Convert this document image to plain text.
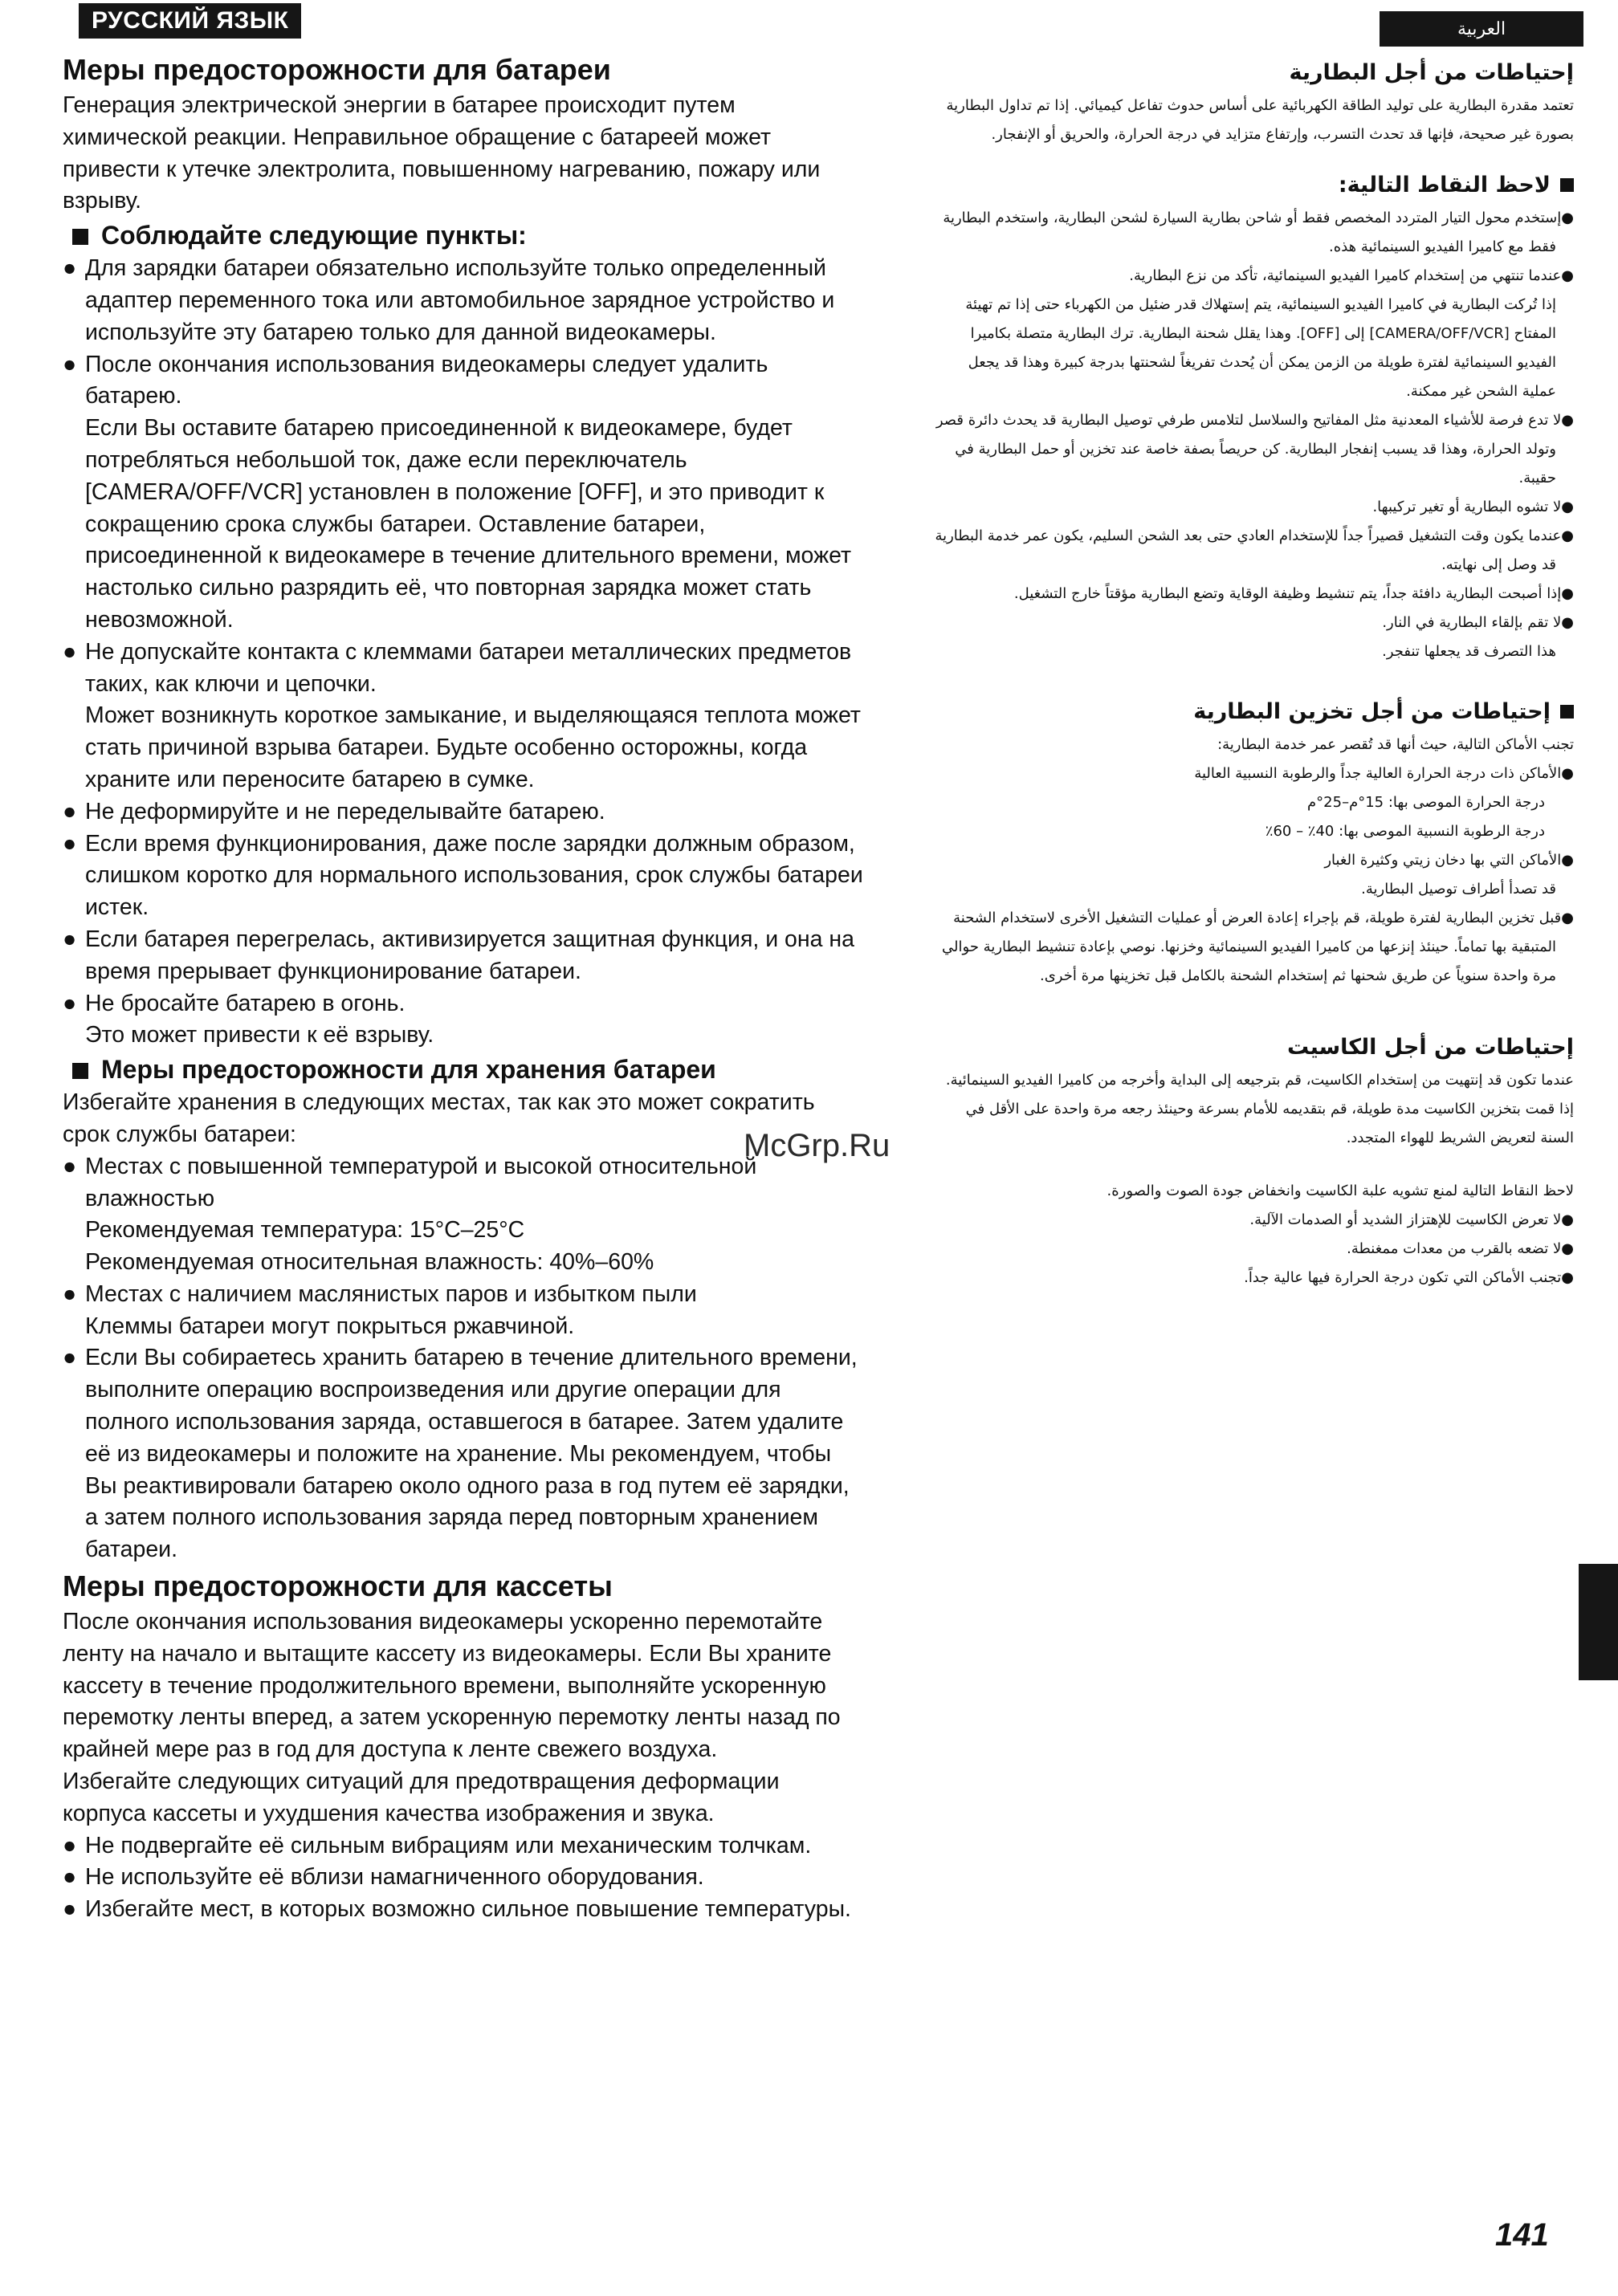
РУССКИЙ ЯЗЫК	العربية
Меры предосторожности для батареи

Генерация электрической энергии в батарее происходит путем химической реакции. Неправильное обращение с батареей может привести к утечке электролита, повышенному нагреванию, пожару или взрыву.

Соблюдайте следующие пункты:

● Для зарядки батареи обязательно используйте только определенный адаптер переменного тока или автомобильное зарядное устройство и используйте эту батарею только для данной видеокамеры.

● После окончания использования видеокамеры следует удалить батарею.

Если Вы оставите батарею присоединенной к видеокамере, будет потребляться небольшой ток, даже если переключатель [CAMERA/OFF/VCR] установлен в положение [OFF], и это приводит к сокращению срока службы батареи. Оставление батареи, присоединенной к видеокамере в течение длительного времени, может настолько сильно разрядить её, что повторная зарядка может стать невозможной.

● Не допускайте контакта с клеммами батареи металлических предметов таких, как ключи и цепочки.

Может возникнуть короткое замыкание, и выделяющаяся теплота может стать причиной взрыва батареи. Будьте особенно осторожны, когда храните или переносите батарею в сумке.

● Не деформируйте и не переделывайте батарею.

● Если время функционирования, даже после зарядки должным образом, слишком коротко для нормального использования, срок службы батареи истек.

● Если батарея перегрелась, активизируется защитная функция, и она на время прерывает функционирование батареи.

● Не бросайте батарею в огонь.

Это может привести к её взрыву.

Меры предосторожности для хранения батареи

Избегайте хранения в следующих местах, так как это может сократить срок службы батареи:

● Местах с повышенной температурой и высокой относительной влажностью

Рекомендуемая температура: 15°C–25°C

Рекомендуемая относительная влажность: 40%–60%

● Местах с наличием маслянистых паров и избытком пыли

Клеммы батареи могут покрыться ржавчиной.

● Если Вы собираетесь хранить батарею в течение длительного времени, выполните операцию воспроизведения или другие операции для полного использования заряда, оставшегося в батарее. Затем удалите её из видеокамеры и положите на хранение. Мы рекомендуем, чтобы Вы реактивировали батарею около одного раза в год путем её зарядки, а затем полного использования заряда перед повторным хранением батареи.

Меры предосторожности для кассеты

После окончания использования видеокамеры ускоренно перемотайте ленту на начало и вытащите кассету из видеокамеры. Если Вы храните кассету в течение продолжительного времени, выполняйте ускоренную перемотку ленты вперед, а затем ускоренную перемотку ленты назад по крайней мере раз в год для доступа к ленте свежего воздуха.

Избегайте следующих ситуаций для предотвращения деформации корпуса кассеты и ухудшения качества изображения и звука.

● Не подвергайте её сильным вибрациям или механическим толчкам.

● Не используйте её вблизи намагниченного оборудования.

● Избегайте мест, в которых возможно сильное повышение температуры.

إحتياطات من أجل البطارية

تعتمد مقدرة البطارية على توليد الطاقة الكهربائية على أساس حدوث تفاعل كيميائي. إذا تم تداول البطارية بصورة غير صحيحة، فإنها قد تحدث التسرب، وإرتفاع متزايد في درجة الحرارة، والحريق أو الإنفجار.

لاحظ النقاط التالية:

●إستخدم محول التيار المتردد المخصص فقط أو شاحن بطارية السيارة لشحن البطارية، واستخدم البطارية فقط مع كاميرا الفيديو السينمائية هذه.

●عندما تنتهي من إستخدام كاميرا الفيديو السينمائية، تأكد من نزع البطارية.

إذا تُركت البطارية في كاميرا الفيديو السينمائية، يتم إستهلاك قدر ضئيل من الكهرباء حتى إذا تم تهيئة المفتاح [CAMERA/OFF/VCR] إلى [OFF]. وهذا يقلل شحنة البطارية. ترك البطارية متصلة بكاميرا الفيديو السينمائية لفترة طويلة من الزمن يمكن أن يُحدث تفريغاً لشحنتها بدرجة كبيرة وهذا قد يجعل عملية الشحن غير ممكنة.

●لا تدع فرصة للأشياء المعدنية مثل المفاتيح والسلاسل لتلامس طرفي توصيل البطارية قد يحدث دائرة قصر وتولد الحرارة، وهذا قد يسبب إنفجار البطارية. كن حريصاً بصفة خاصة عند تخزين أو حمل البطارية في حقيبة.

●لا تشوه البطارية أو تغير تركيبها.

●عندما يكون وقت التشغيل قصيراً جداً للإستخدام العادي حتى بعد الشحن السليم، يكون عمر خدمة البطارية قد وصل إلى نهايته.

●إذا أصبحت البطارية دافئة جداً، يتم تنشيط وظيفة الوقاية وتضع البطارية مؤقتاً خارج التشغيل.

●لا تقم بإلقاء البطارية في النار.

هذا التصرف قد يجعلها تنفجر.

إحتياطات من أجل تخزين البطارية

تجنب الأماكن التالية، حيث أنها قد تُقصر عمر خدمة البطارية:

●الأماكن ذات درجة الحرارة العالية جداً والرطوبة النسبية العالية

درجة الحرارة الموصى بها: 15°م–25°م

درجة الرطوبة النسبية الموصى بها: 40٪ – 60٪

●الأماكن التي بها دخان زيتي وكثيرة الغبار

قد تصدأ أطراف توصيل البطارية.

●قبل تخزين البطارية لفترة طويلة، قم بإجراء إعادة العرض أو عمليات التشغيل الأخرى لاستخدام الشحنة المتبقية بها تماماً. حينئذ إنزعها من كاميرا الفيديو السينمائية وخزنها. نوصي بإعادة تنشيط البطارية حوالي مرة واحدة سنوياً عن طريق شحنها ثم إستخدام الشحنة بالكامل قبل تخزينها مرة أخرى.

إحتياطات من أجل الكاسيت

عندما تكون قد إنتهيت من إستخدام الكاسيت، قم بترجيعه إلى البداية وأخرجه من كاميرا الفيديو السينمائية. إذا قمت بتخزين الكاسيت مدة طويلة، قم بتقديمه للأمام بسرعة وحينئذ رجعه مرة واحدة على الأقل في السنة لتعريض الشريط للهواء المتجدد.

لاحظ النقاط التالية لمنع تشويه علبة الكاسيت وانخفاض جودة الصوت والصورة.

●لا تعرض الكاسيت للإهتزاز الشديد أو الصدمات الآلية.

●لا تضعه بالقرب من معدات ممغنطة.

●تجنب الأماكن التي تكون درجة الحرارة فيها عالية جداً.

McGrp.Ru
141
